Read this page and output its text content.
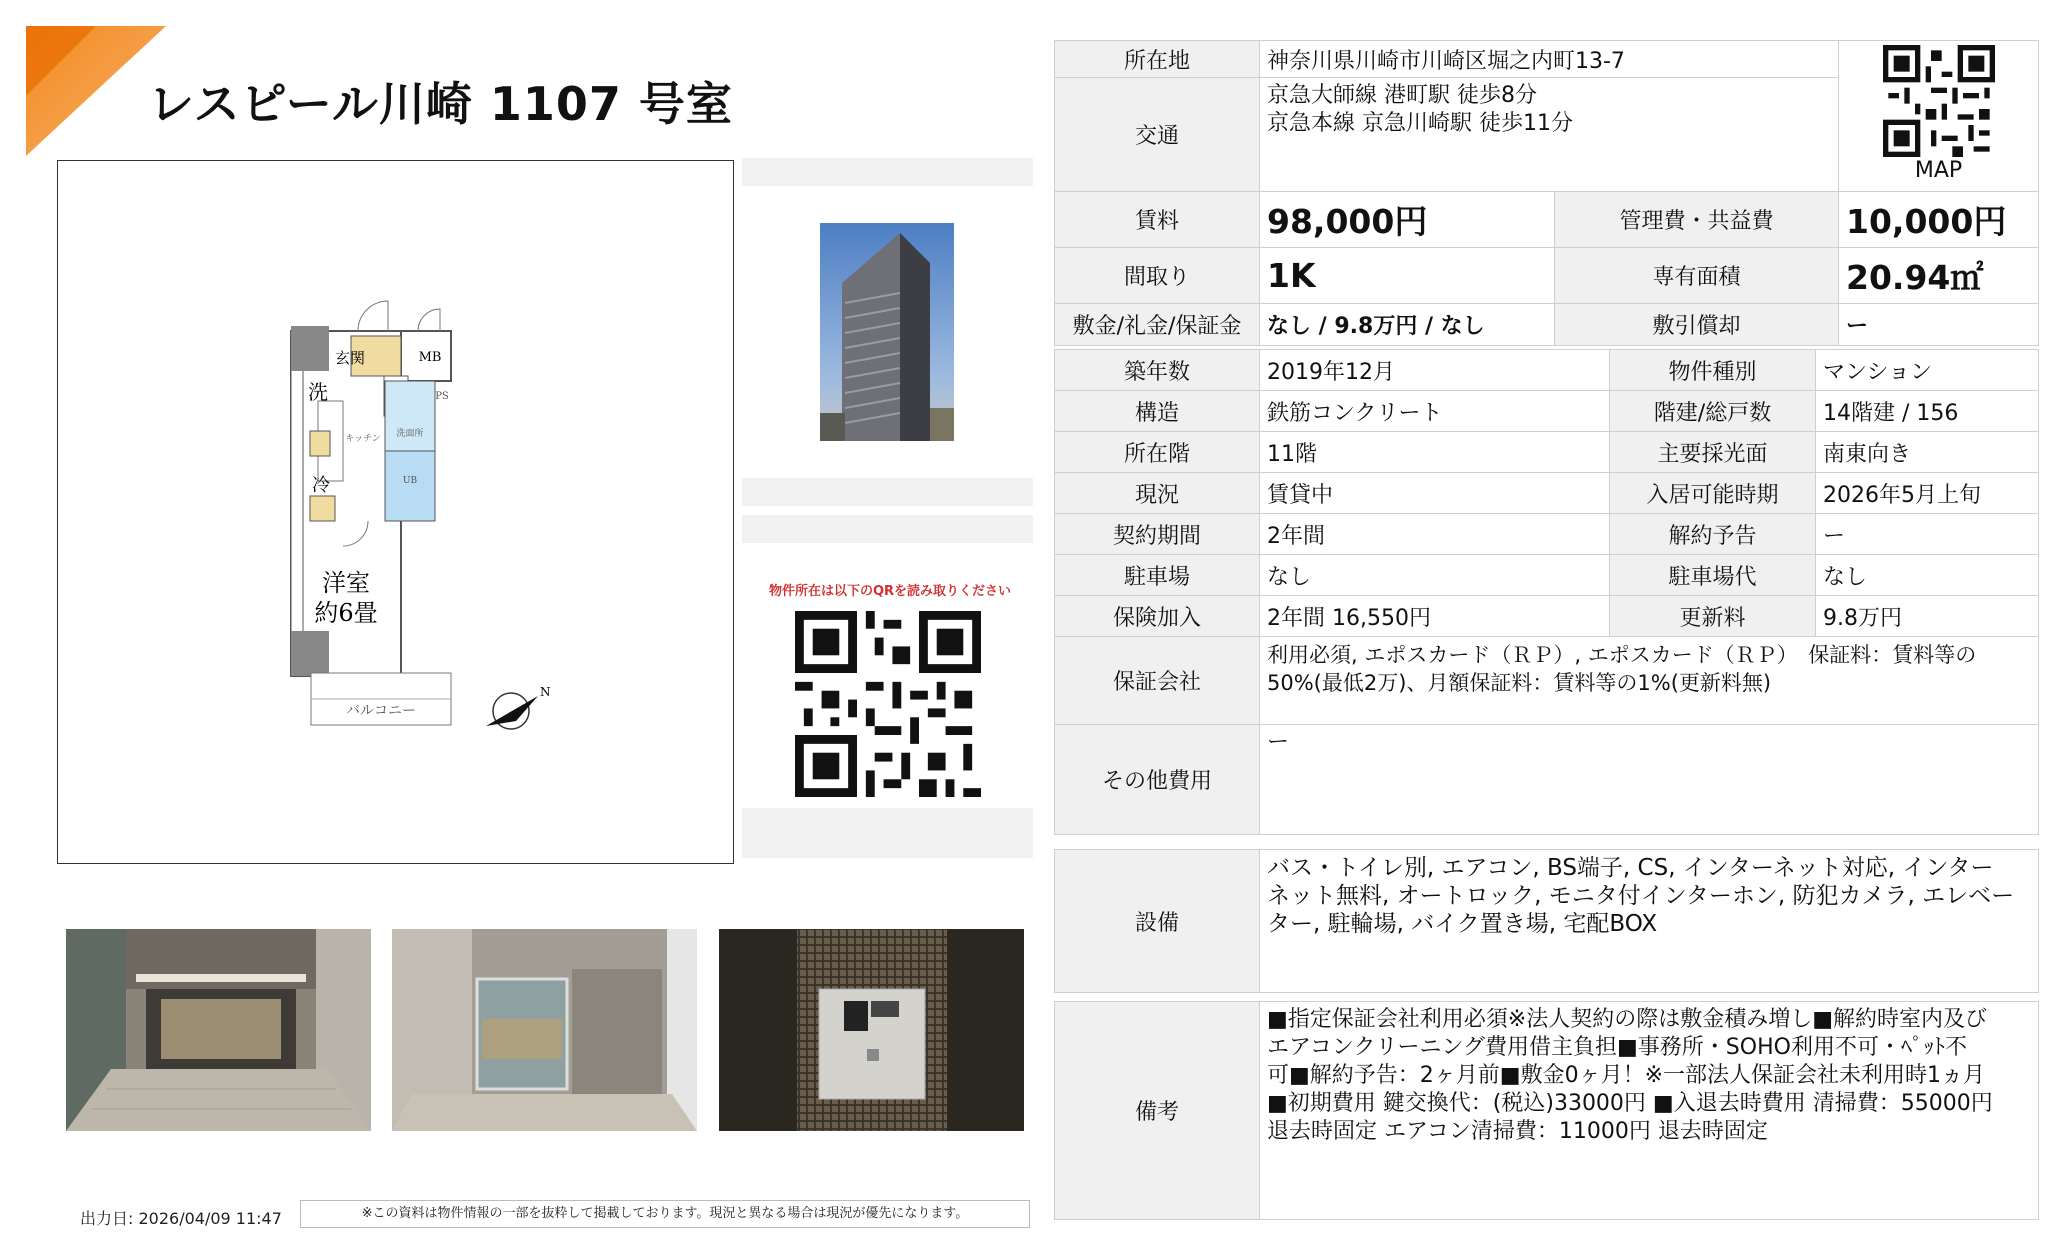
レスピール川崎 1107 号室
玄関	MB
洗
冷
洋室
約6畳
バルコニー
キッチン 洗面所
UB
PS
N
物件所在は以下のQRを読み取りください
所在地	神奈川県川崎市川崎区堀之内町13-7		MAP

交通	京急大師線 港町駅 徒歩8分
京急本線 京急川崎駅 徒歩11分		

賃料	98,000円	管理費・共益費	10,000円
間取り	1K	専有面積	20.94㎡
敷金/礼金/保証金	なし / 9.8万円 / なし	敷引償却	ー
築年数	2019年12月	物件種別	マンション
構造	鉄筋コンクリート	階建/総戸数	14階建 / 156
所在階	11階	主要採光面	南東向き
現況	賃貸中	入居可能時期	2026年5月上旬
契約期間	2年間	解約予告	ー
駐車場	なし	駐車場代	なし
保険加入	2年間 16,550円	更新料	9.8万円
保証会社	利用必須, エポスカード（ＲＰ）, エポスカード（ＲＰ）　保証料：賃料等の
50%(最低2万)、月額保証料：賃料等の1%(更新料無)		

その他費用	ー		
設備	
バス・トイレ別, エアコン, BS端子, CS, インターネット対応, インター
ネット無料, オートロック, モニタ付インターホン, 防犯カメラ, エレベー
ター, 駐輪場, バイク置き場, 宅配BOX
備考	
■指定保証会社利用必須※法人契約の際は敷金積み増し■解約時室内及び
エアコンクリーニング費用借主負担■事務所・SOHO利用不可・ﾍﾟｯﾄ不
可■解約予告：2ヶ月前■敷金0ヶ月！※一部法人保証会社未利用時1ヵ月
■初期費用 鍵交換代：(税込)33000円 ■入退去時費用 清掃費：55000円
退去時固定 エアコン清掃費：11000円 退去時固定
出力日: 2026/04/09 11:47	※この資料は物件情報の一部を抜粋して掲載しております。現況と異なる場合は現況が優先になります。
